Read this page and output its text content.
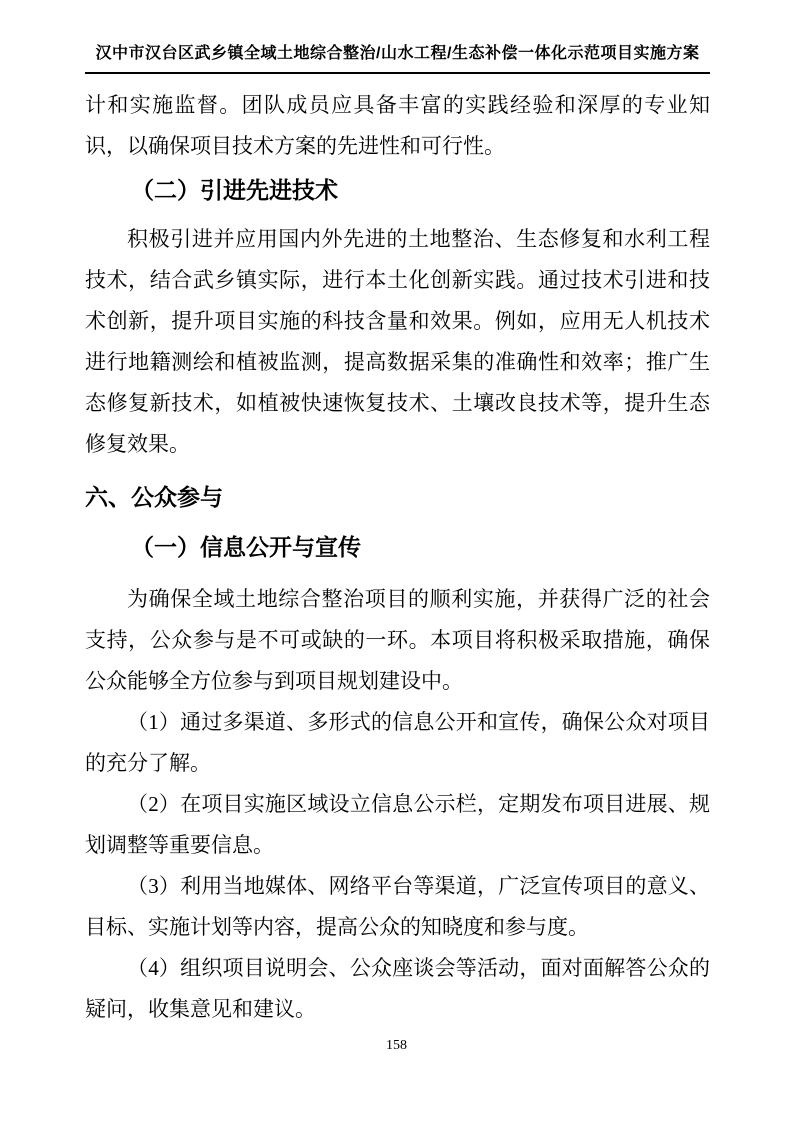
汉中市汉台区武乡镇全域土地综合整治/山水工程/生态补偿一体化示范项目实施方案

计和实施监督。团队成员应具备丰富的实践经验和深厚的专业知识，以确保项目技术方案的先进性和可行性。

（二）引进先进技术

积极引进并应用国内外先进的土地整治、生态修复和水利工程技术，结合武乡镇实际，进行本土化创新实践。通过技术引进和技术创新，提升项目实施的科技含量和效果。例如，应用无人机技术进行地籍测绘和植被监测，提高数据采集的准确性和效率；推广生态修复新技术，如植被快速恢复技术、土壤改良技术等，提升生态修复效果。

六、公众参与
（一）信息公开与宣传

为确保全域土地综合整治项目的顺利实施，并获得广泛的社会支持，公众参与是不可或缺的一环。本项目将积极采取措施，确保公众能够全方位参与到项目规划建设中。

（1）通过多渠道、多形式的信息公开和宣传，确保公众对项目的充分了解。

（2）在项目实施区域设立信息公示栏，定期发布项目进展、规划调整等重要信息。

（3）利用当地媒体、网络平台等渠道，广泛宣传项目的意义、目标、实施计划等内容，提高公众的知晓度和参与度。

（4）组织项目说明会、公众座谈会等活动，面对面解答公众的疑问，收集意见和建议。

158
